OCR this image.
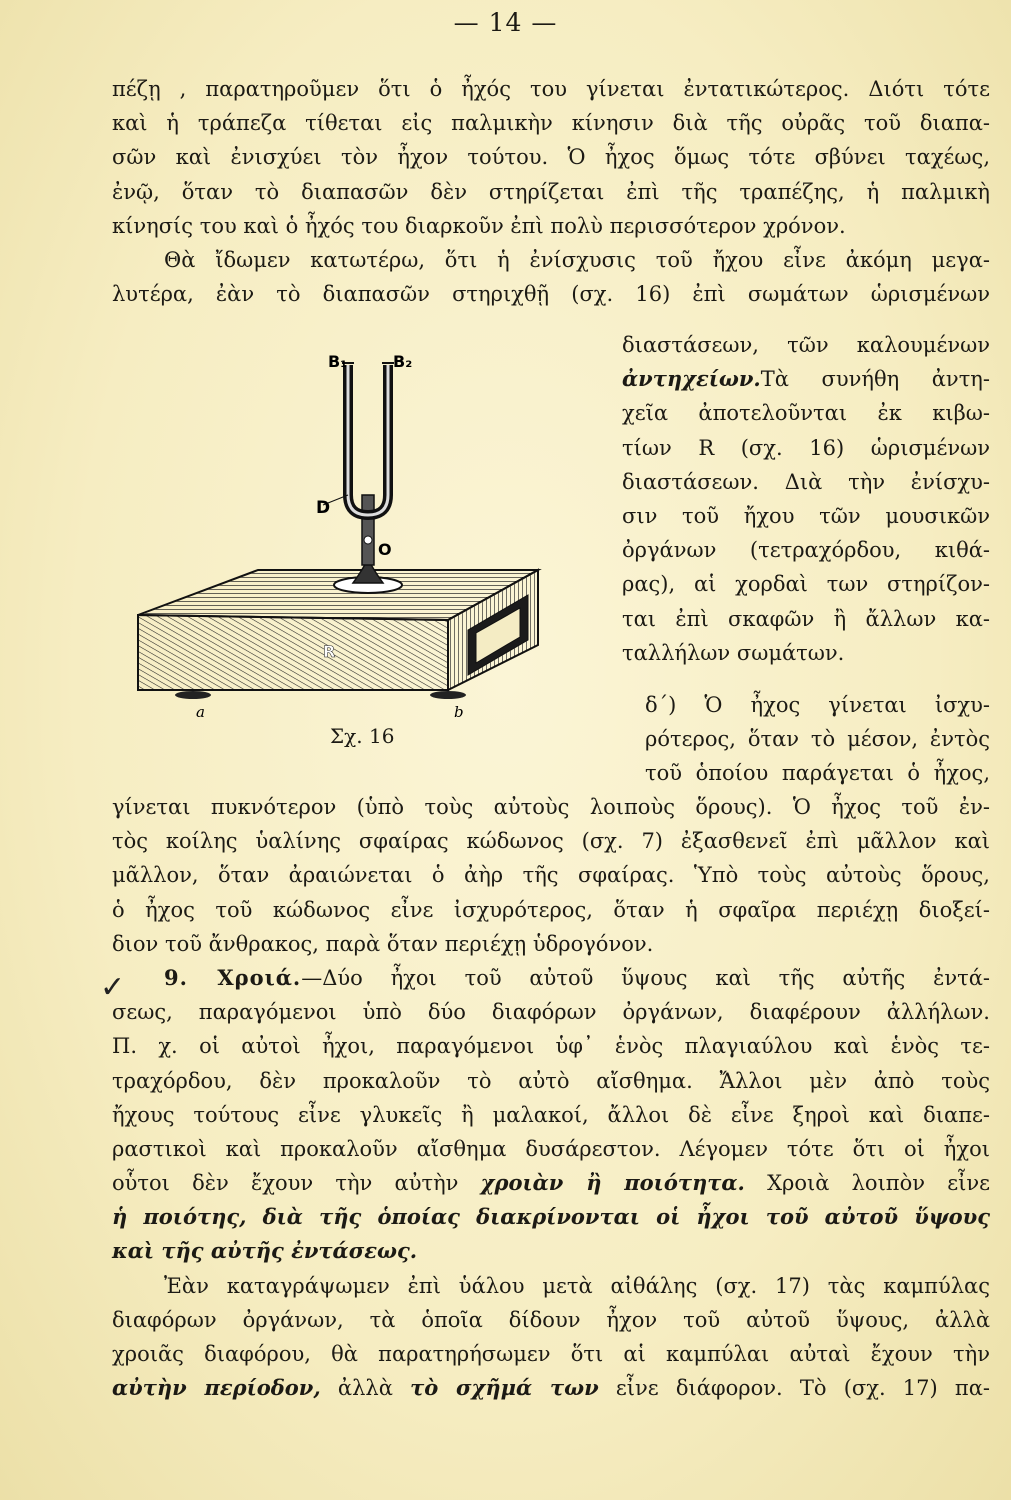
— 14 —
πέζῃ , παρατηροῦμεν ὅτι ὁ ἦχός του γίνεται ἐντατικώτερος. Διότι τότε
καὶ ἡ τράπεζα τίθεται εἰς παλμικὴν κίνησιν διὰ τῆς οὐρᾶς τοῦ διαπα-
σῶν καὶ ἐνισχύει τὸν ἦχον τούτου. Ὁ ἦχος ὅμως τότε σβύνει ταχέως,
ἐνῷ, ὅταν τὸ διαπασῶν δὲν στηρίζεται ἐπὶ τῆς τραπέζης, ἡ παλμικὴ
κίνησίς του καὶ ὁ ἦχός του διαρκοῦν ἐπὶ πολὺ περισσότερον χρόνον.
Θὰ ἴδωμεν κατωτέρω, ὅτι ἡ ἐνίσχυσις τοῦ ἤχου εἶνε ἀκόμη μεγα-
λυτέρα, ἐὰν τὸ διαπασῶν στηριχθῇ (σχ. 16) ἐπὶ σωμάτων ὡρισμένων
B₁	B₂
D
O
R
a	b
Σχ. 16
διαστάσεων, τῶν καλουμένων
ἀντηχείων.Τὰ συνήθη ἀντη-
χεῖα ἀποτελοῦνται ἐκ κιβω-
τίων R (σχ. 16) ὡρισμένων
διαστάσεων. Διὰ τὴν ἐνίσχυ-
σιν τοῦ ἤχου τῶν μουσικῶν
ὀργάνων (τετραχόρδου, κιθά-
ρας), αἱ χορδαὶ των στηρίζον-
ται ἐπὶ σκαφῶν ἢ ἄλλων κα-
ταλλήλων σωμάτων.
δ΄) Ὁ ἦχος γίνεται ἰσχυ-
ρότερος, ὅταν τὸ μέσον, ἐντὸς
τοῦ ὁποίου παράγεται ὁ ἦχος,
γίνεται πυκνότερον (ὑπὸ τοὺς αὐτοὺς λοιποὺς ὅρους). Ὁ ἦχος τοῦ ἐν-
τὸς κοίλης ὑαλίνης σφαίρας κώδωνος (σχ. 7) ἐξασθενεῖ ἐπὶ μᾶλλον καὶ
μᾶλλον, ὅταν ἀραιώνεται ὁ ἀὴρ τῆς σφαίρας. Ὑπὸ τοὺς αὐτοὺς ὅρους,
ὁ ἦχος τοῦ κώδωνος εἶνε ἰσχυρότερος, ὅταν ἡ σφαῖρα περιέχῃ διοξεί-
διον τοῦ ἄνθρακος, παρὰ ὅταν περιέχῃ ὑδρογόνον.
9. Χροιά.—Δύο ἦχοι τοῦ αὐτοῦ ὕψους καὶ τῆς αὐτῆς ἐντά-
σεως, παραγόμενοι ὑπὸ δύο διαφόρων ὀργάνων, διαφέρουν ἀλλήλων.
Π. χ. οἱ αὐτοὶ ἦχοι, παραγόμενοι ὑφ᾽ ἑνὸς πλαγιαύλου καὶ ἑνὸς τε-
τραχόρδου, δὲν προκαλοῦν τὸ αὐτὸ αἴσθημα. Ἄλλοι μὲν ἀπὸ τοὺς
ἤχους τούτους εἶνε γλυκεῖς ἢ μαλακοί, ἄλλοι δὲ εἶνε ξηροὶ καὶ διαπε-
ραστικοὶ καὶ προκαλοῦν αἴσθημα δυσάρεστον. Λέγομεν τότε ὅτι οἱ ἦχοι
οὗτοι δὲν ἔχουν τὴν αὐτὴν χροιὰν ἢ ποιότητα. Χροιὰ λοιπὸν εἶνε
ἡ ποιότης, διὰ τῆς ὁποίας διακρίνονται οἱ ἦχοι τοῦ αὐτοῦ ὕψους
καὶ τῆς αὐτῆς ἐντάσεως.
Ἐὰν καταγράψωμεν ἐπὶ ὑάλου μετὰ αἰθάλης (σχ. 17) τὰς καμπύλας
διαφόρων ὀργάνων, τὰ ὁποῖα δίδουν ἦχον τοῦ αὐτοῦ ὕψους, ἀλλὰ
χροιᾶς διαφόρου, θὰ παρατηρήσωμεν ὅτι αἱ καμπύλαι αὐταὶ ἔχουν τὴν
αὐτὴν περίοδον, ἀλλὰ τὸ σχῆμά των εἶνε διάφορον. Τὸ (σχ. 17) πα-
✓
